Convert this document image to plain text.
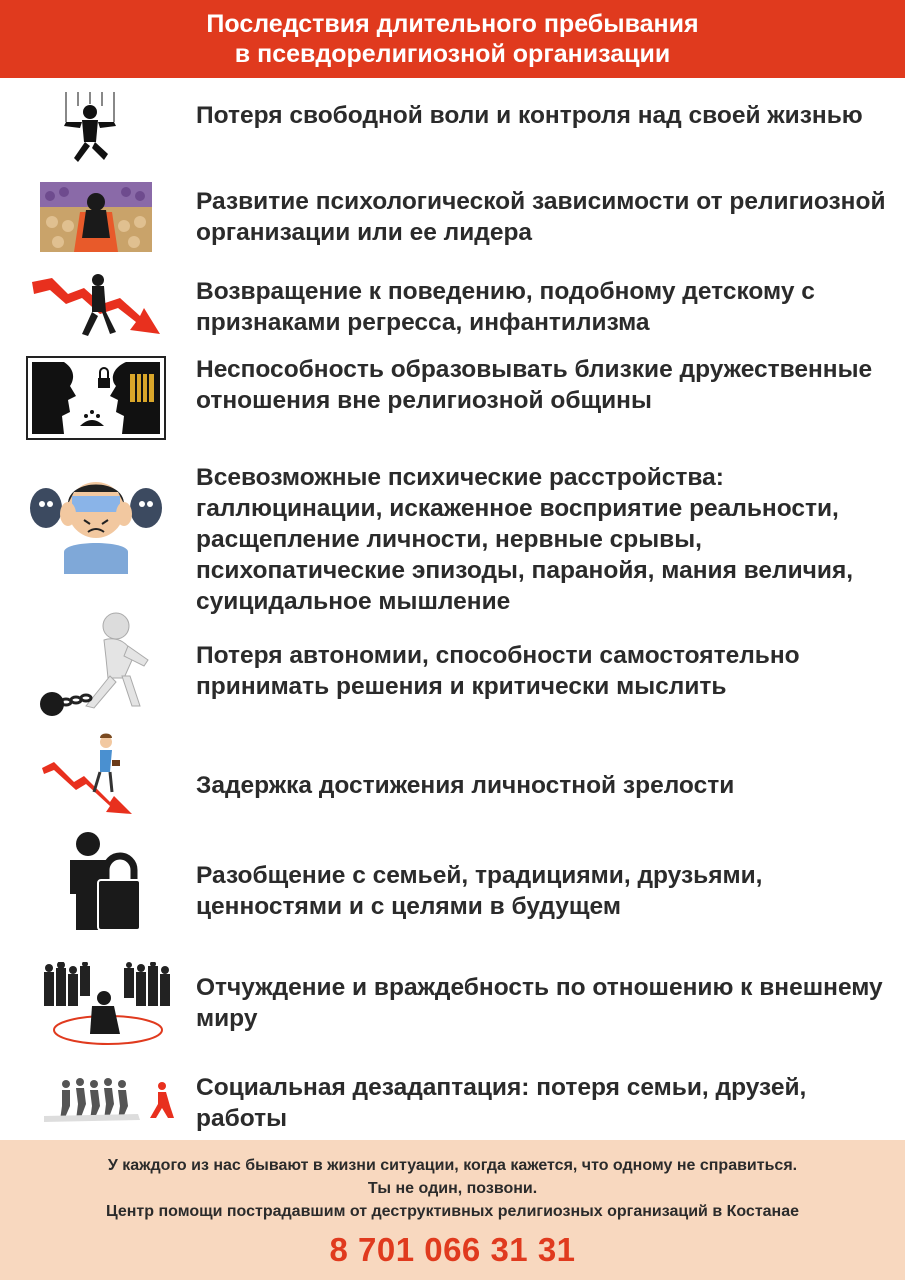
Последствия длительного пребывания
в псевдорелигиозной организации
Потеря свободной воли и контроля над своей жизнью
Развитие психологической зависимости от религиозной организации или ее лидера
Возвращение к поведению, подобному детскому с признаками регресса, инфантилизма
Неспособность образовывать близкие дружественные отношения вне религиозной общины
Всевозможные психические расстройства: галлюцинации, искаженное восприятие реальности, расщепление личности, нервные срывы, психопатические эпизоды, паранойя, мания величия, суицидальное мышление
Потеря автономии, способности самостоятельно принимать решения и критически мыслить
Задержка достижения личностной зрелости
Разобщение с семьей, традициями, друзьями, ценностями и с целями в будущем
Отчуждение и враждебность по отношению к внешнему миру
Социальная дезадаптация: потеря семьи, друзей, работы
У каждого из нас бывают в жизни ситуации, когда кажется, что одному не справиться.
Ты не один, позвони.
Центр помощи пострадавшим от деструктивных религиозных организаций в Костанае
8 701 066 31 31
